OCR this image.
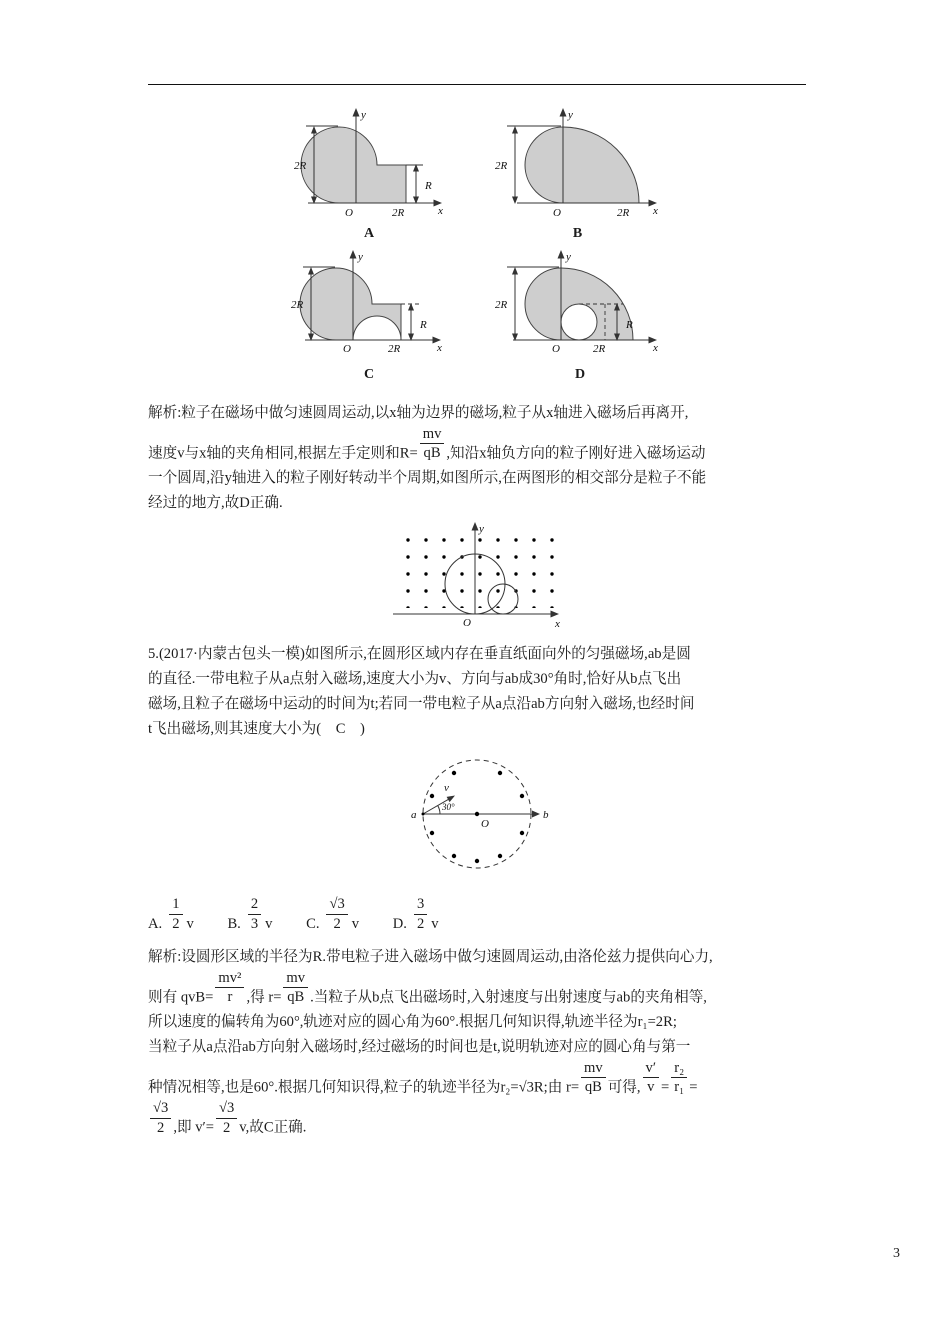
2R
R
O	2R	x
y
A
2R
O	2R x
y
B
2R
R
O	2R	x
y
C
2R
R
O	2R	x
y
D
解析:粒子在磁场中做匀速圆周运动,以x轴为边界的磁场,粒子从x轴进入磁场后再离开,
速度v与x轴的夹角相同,根据左手定则和$R= \frac{mv}{qB}$ ,知沿x轴负方向的粒子刚好进入磁场运动
一个圆周,沿y轴进入的粒子刚好转动半个周期,如图所示,在两图形的相交部分是粒子不能
经过的地方,故D正确.
O	x
y
5.(2017·内蒙古包头一模)如图所示,在圆形区域内存在垂直纸面向外的匀强磁场,ab是圆
的直径.一带电粒子从a点射入磁场,速度大小为v、方向与ab成30°角时,恰好从b点飞出
磁场,且粒子在磁场中运动的时间为t;若同一带电粒子从a点沿ab方向射入磁场,也经时间
t飞出磁场,则其速度大小为(　C　)
a	b
O
v
30°
A. $\frac{1}{2}$ v B. $\frac{2}{3}$ v C. $\frac{√3}{2}$ v D. $\frac{3}{2}$ v
解析:设圆形区域的半径为R.带电粒子进入磁场中做匀速圆周运动,由洛伦兹力提供向心力,
则有 $qvB= \frac{\text{mv²}}{r}$ ,得 $r= \frac{mv}{qB}$ .当粒子从b点飞出磁场时,入射速度与出射速度与ab的夹角相等,
所以速度的偏转角为60°,轨迹对应的圆心角为60°.根据几何知识得,轨迹半径为r₁=2R;
当粒子从a点沿ab方向射入磁场时,经过磁场的时间也是t,说明轨迹对应的圆心角与第一
种情况相等,也是60°.根据几何知识得,粒子的轨迹半径为r₂=√3R;由 $r= \frac{mv}{qB}$ 可得, $\frac{v'}{v} = \frac{\text{r₂}}{\text{r₁}}$ =
$\frac{√3}{2}$ ,即 $v'= \frac{√3}{2} v$,故C正确.
3
